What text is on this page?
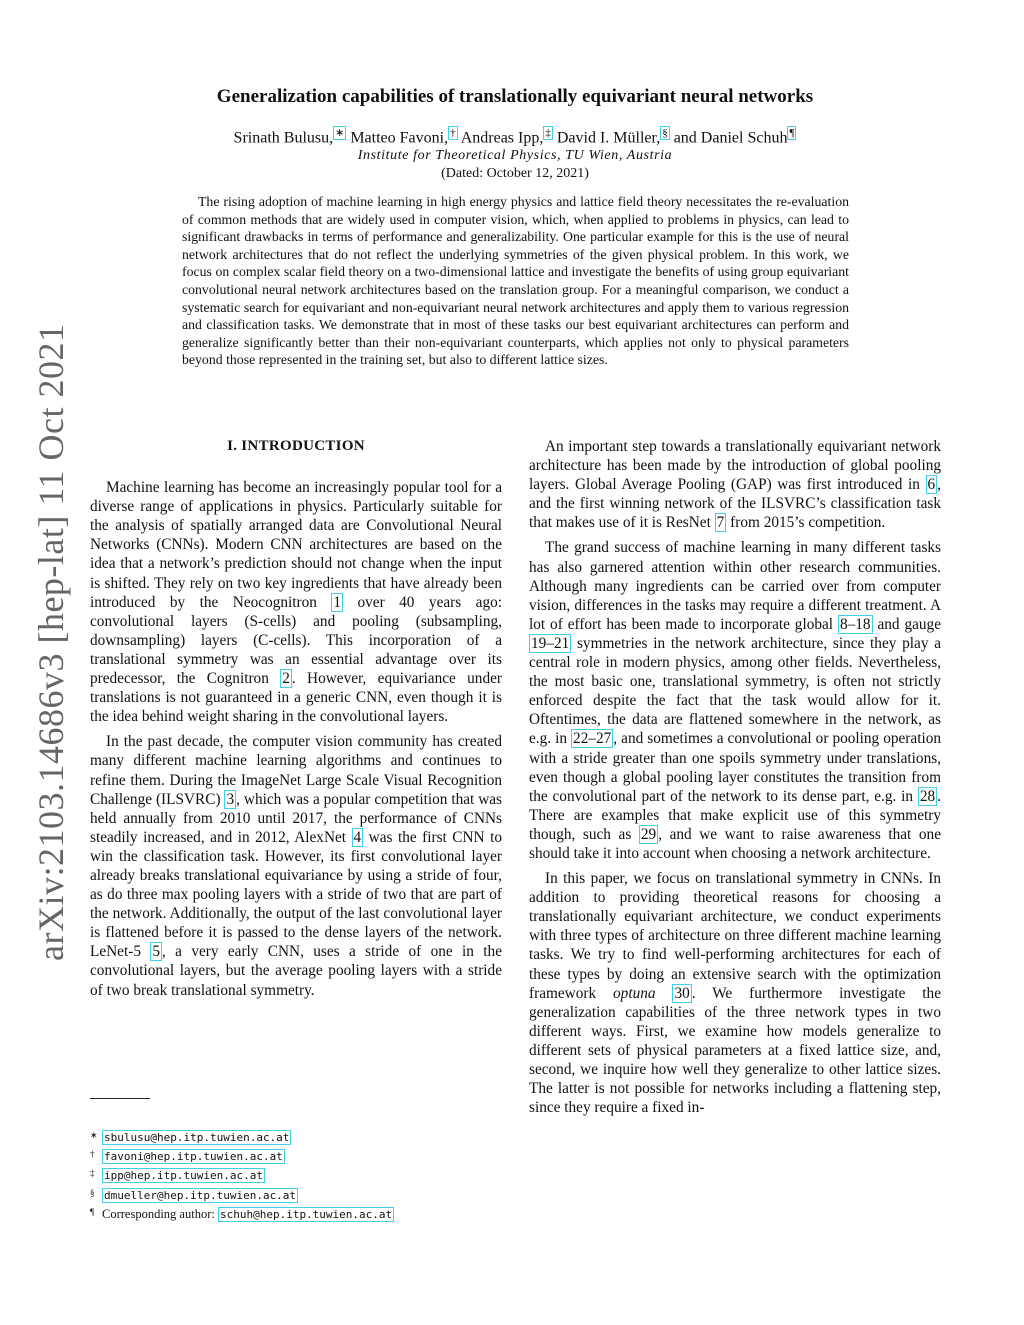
arXiv:2103.14686v3 [hep-lat] 11 Oct 2021
Generalization capabilities of translationally equivariant neural networks
Srinath Bulusu, ∗ Matteo Favoni, † Andreas Ipp, ‡ David I. Müller, § and Daniel Schuh ¶
Institute for Theoretical Physics, TU Wien, Austria
(Dated: October 12, 2021)

The rising adoption of machine learning in high energy physics and lattice field theory necessitates the re-evaluation of common methods that are widely used in computer vision, which, when applied to problems in physics, can lead to significant drawbacks in terms of performance and generalizability. One particular example for this is the use of neural network architectures that do not reflect the underlying symmetries of the given physical problem. In this work, we focus on complex scalar field theory on a two-dimensional lattice and investigate the benefits of using group equivariant convolutional neural network architectures based on the translation group. For a meaningful comparison, we conduct a systematic search for equivariant and non-equivariant neural network architectures and apply them to various regression and classification tasks. We demonstrate that in most of these tasks our best equivariant architectures can perform and generalize significantly better than their non-equivariant counterparts, which applies not only to physical parameters beyond those represented in the training set, but also to different lattice sizes.

I. INTRODUCTION

Machine learning has become an increasingly popular tool for a diverse range of applications in physics. Particularly suitable for the analysis of spatially arranged data are Convolutional Neural Networks (CNNs). Modern CNN architectures are based on the idea that a network’s prediction should not change when the input is shifted. They rely on two key ingredients that have already been introduced by the Neocognitron 1 over 40 years ago: convolutional layers (S-cells) and pooling (subsampling, downsampling) layers (C-cells). This incorporation of a translational symmetry was an essential advantage over its predecessor, the Cognitron 2 . However, equivariance under translations is not guaranteed in a generic CNN, even though it is the idea behind weight sharing in the convolutional layers.

In the past decade, the computer vision community has created many different machine learning algorithms and continues to refine them. During the ImageNet Large Scale Visual Recognition Challenge (ILSVRC) 3 , which was a popular competition that was held annually from 2010 until 2017, the performance of CNNs steadily increased, and in 2012, AlexNet 4 was the first CNN to win the classification task. However, its first convolutional layer already breaks translational equivariance by using a stride of four, as do three max pooling layers with a stride of two that are part of the network. Additionally, the output of the last convolutional layer is flattened before it is passed to the dense layers of the network. LeNet-5 5 , a very early CNN, uses a stride of one in the convolutional layers, but the average pooling layers with a stride of two break translational symmetry.

An important step towards a translationally equivariant network architecture has been made by the introduction of global pooling layers. Global Average Pooling (GAP) was first introduced in 6 , and the first winning network of the ILSVRC’s classification task that makes use of it is ResNet 7 from 2015’s competition.

The grand success of machine learning in many different tasks has also garnered attention within other research communities. Although many ingredients can be carried over from computer vision, differences in the tasks may require a different treatment. A lot of effort has been made to incorporate global 8–18 and gauge 19–21 symmetries in the network architecture, since they play a central role in modern physics, among other fields. Nevertheless, the most basic one, translational symmetry, is often not strictly enforced despite the fact that the task would allow for it. Oftentimes, the data are flattened somewhere in the network, as e.g. in 22–27 , and sometimes a convolutional or pooling operation with a stride greater than one spoils symmetry under translations, even though a global pooling layer constitutes the transition from the convolutional part of the network to its dense part, e.g. in 28 . There are examples that make explicit use of this symmetry though, such as 29 , and we want to raise awareness that one should take it into account when choosing a network architecture.

In this paper, we focus on translational symmetry in CNNs. In addition to providing theoretical reasons for choosing a translationally equivariant architecture, we conduct experiments with three types of architecture on three different machine learning tasks. We try to find well-performing architectures for each of these types by doing an extensive search with the optimization framework optuna 30 . We furthermore investigate the generalization capabilities of the three network types in two different ways. First, we examine how models generalize to different sets of physical parameters at a fixed lattice size, and, second, we inquire how well they generalize to other lattice sizes. The latter is not possible for networks including a flattening step, since they require a fixed in-

∗ sbulusu@hep.itp.tuwien.ac.at
† favoni@hep.itp.tuwien.ac.at
‡ ipp@hep.itp.tuwien.ac.at
§ dmueller@hep.itp.tuwien.ac.at
¶ Corresponding author: schuh@hep.itp.tuwien.ac.at
